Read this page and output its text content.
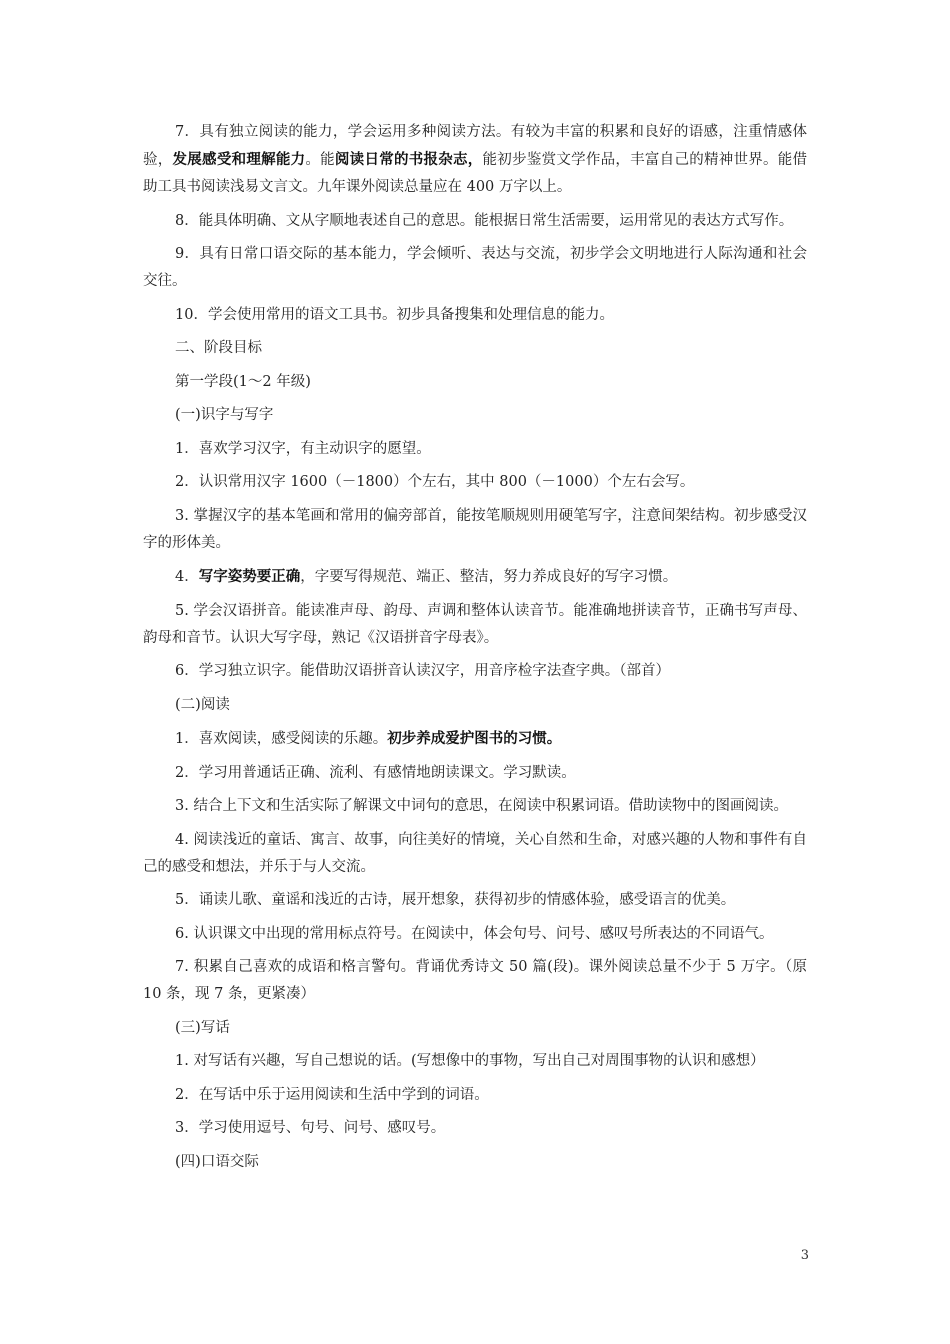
7．具有独立阅读的能力，学会运用多种阅读方法。有较为丰富的积累和良好的语感，注重情感体验，发展感受和理解能力。能阅读日常的书报杂志，能初步鉴赏文学作品，丰富自己的精神世界。能借助工具书阅读浅易文言文。九年课外阅读总量应在 400 万字以上。

8．能具体明确、文从字顺地表述自己的意思。能根据日常生活需要，运用常见的表达方式写作。

9．具有日常口语交际的基本能力，学会倾听、表达与交流，初步学会文明地进行人际沟通和社会交往。

10．学会使用常用的语文工具书。初步具备搜集和处理信息的能力。

二、阶段目标

第一学段(1～2 年级)

(一)识字与写字

1．喜欢学习汉字，有主动识字的愿望。

2．认识常用汉字 1600（－1800）个左右，其中 800（－1000）个左右会写。

3. 掌握汉字的基本笔画和常用的偏旁部首，能按笔顺规则用硬笔写字，注意间架结构。初步感受汉字的形体美。

4．写字姿势要正确，字要写得规范、端正、整洁，努力养成良好的写字习惯。

5. 学会汉语拼音。能读准声母、韵母、声调和整体认读音节。能准确地拼读音节，正确书写声母、韵母和音节。认识大写字母，熟记《汉语拼音字母表》。

6．学习独立识字。能借助汉语拼音认读汉字，用音序检字法查字典。（部首）

(二)阅读

1．喜欢阅读，感受阅读的乐趣。初步养成爱护图书的习惯。

2．学习用普通话正确、流利、有感情地朗读课文。学习默读。

3. 结合上下文和生活实际了解课文中词句的意思，在阅读中积累词语。借助读物中的图画阅读。

4. 阅读浅近的童话、寓言、故事，向往美好的情境，关心自然和生命，对感兴趣的人物和事件有自己的感受和想法，并乐于与人交流。

5．诵读儿歌、童谣和浅近的古诗，展开想象，获得初步的情感体验，感受语言的优美。

6. 认识课文中出现的常用标点符号。在阅读中，体会句号、问号、感叹号所表达的不同语气。

7. 积累自己喜欢的成语和格言警句。背诵优秀诗文 50 篇(段)。课外阅读总量不少于 5 万字。（原 10 条，现 7 条，更紧凑）

(三)写话

1. 对写话有兴趣，写自己想说的话。(写想像中的事物，写出自己对周围事物的认识和感想）

2．在写话中乐于运用阅读和生活中学到的词语。

3．学习使用逗号、句号、问号、感叹号。

(四)口语交际

3
